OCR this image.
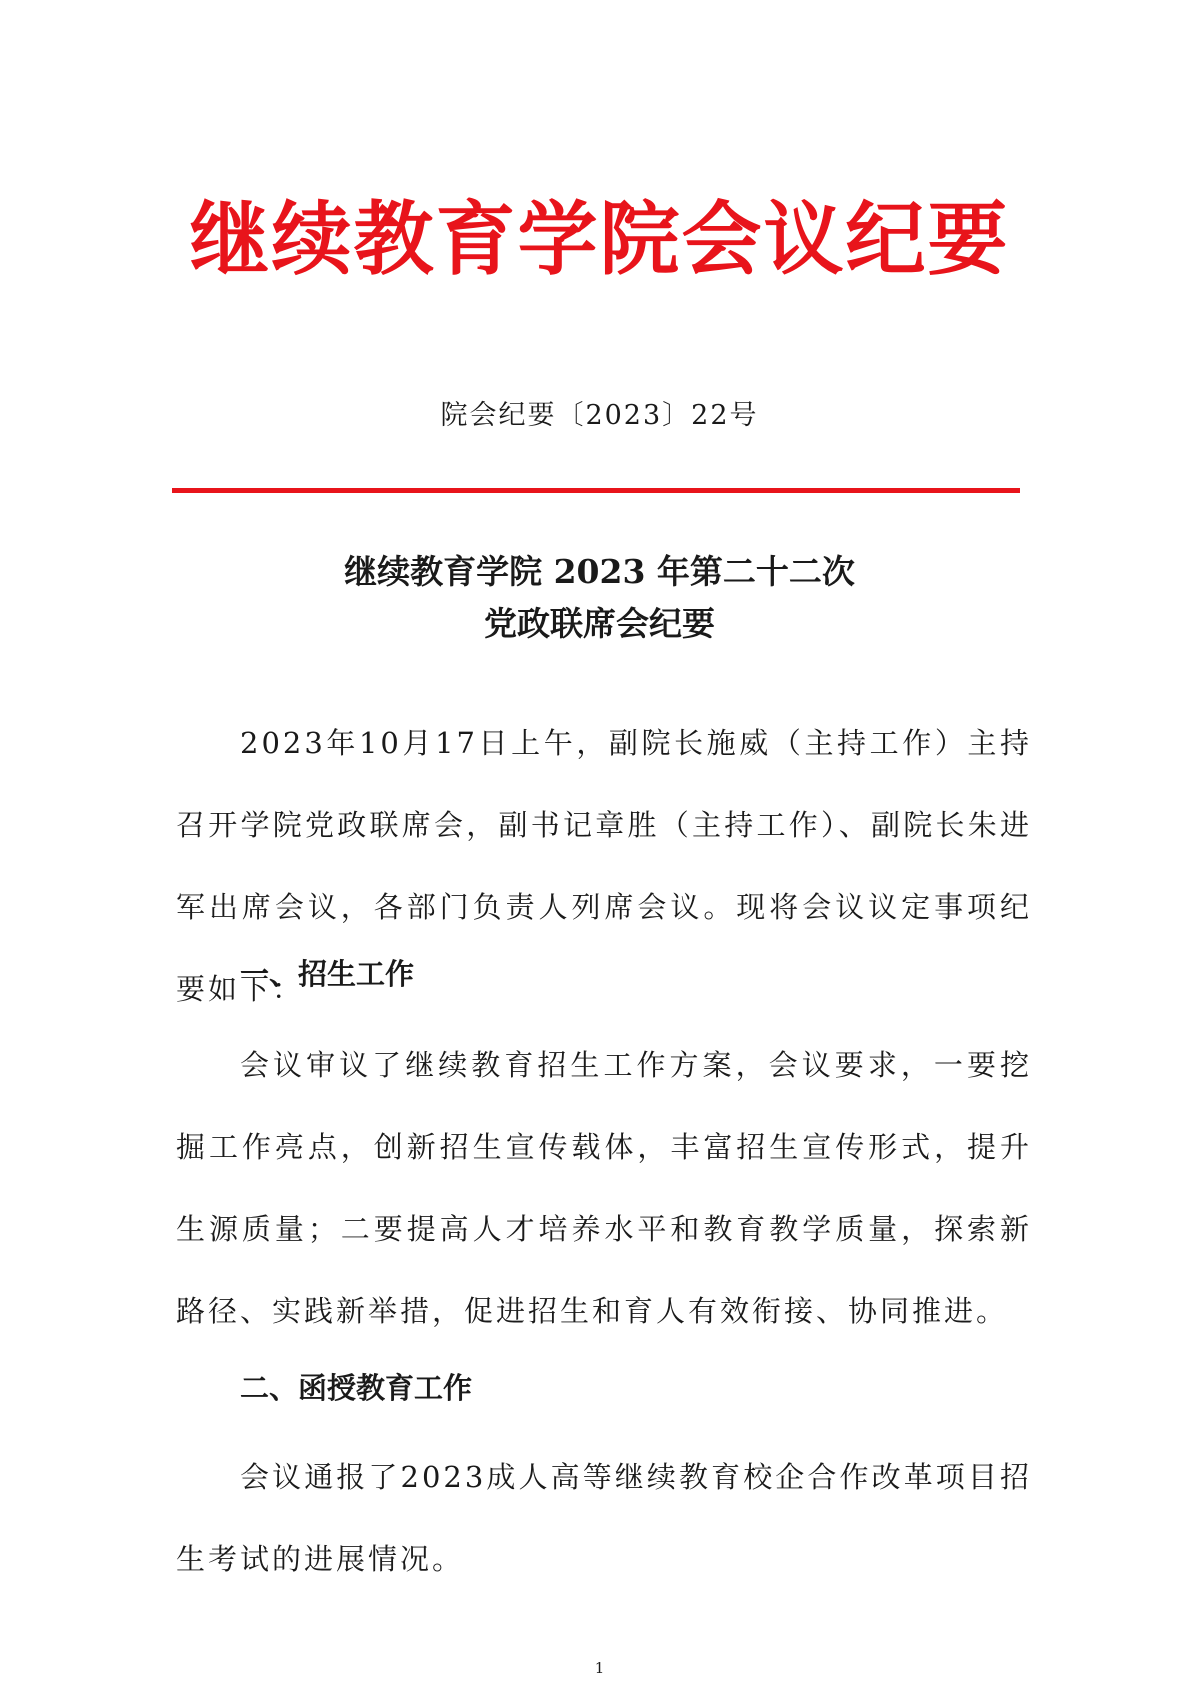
继续教育学院会议纪要
院会纪要〔2023〕22号
继续教育学院 2023 年第二十二次
党政联席会纪要
2023年10月17日上午，副院长施威（主持工作）主持召开学院党政联席会，副书记章胜（主持工作）、副院长朱进军出席会议，各部门负责人列席会议。现将会议议定事项纪要如下：
一、招生工作
会议审议了继续教育招生工作方案，会议要求，一要挖掘工作亮点，创新招生宣传载体，丰富招生宣传形式，提升生源质量；二要提高人才培养水平和教育教学质量，探索新路径、实践新举措，促进招生和育人有效衔接、协同推进。
二、函授教育工作
会议通报了2023成人高等继续教育校企合作改革项目招生考试的进展情况。
1
